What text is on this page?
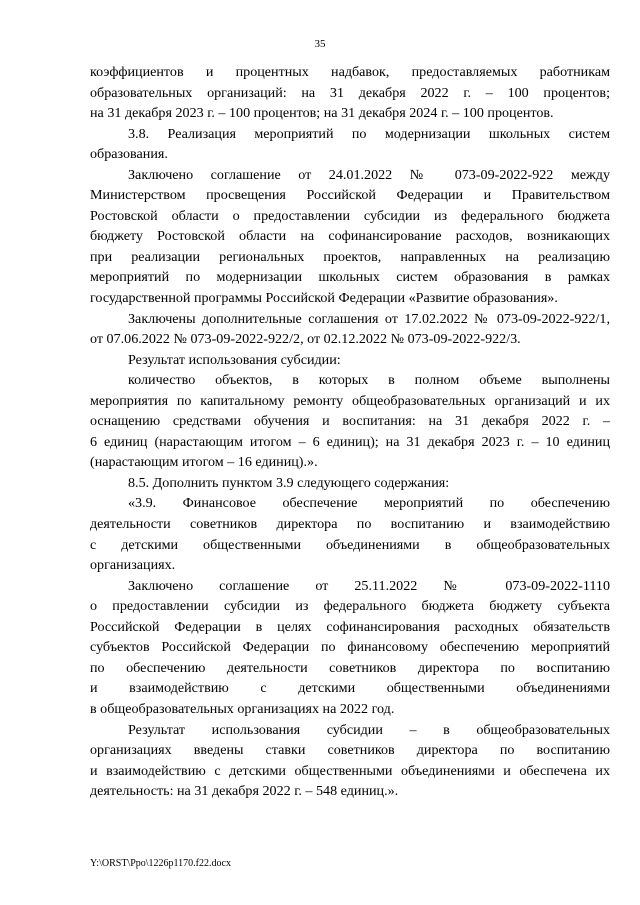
35
коэффициентов и процентных надбавок, предоставляемых работникам
образовательных организаций: на 31 декабря 2022 г. – 100 процентов;
на 31 декабря 2023 г. – 100 процентов; на 31 декабря 2024 г. – 100 процентов.
3.8. Реализация мероприятий по модернизации школьных систем
образования.
Заключено соглашение от 24.01.2022 № 073-09-2022-922 между
Министерством просвещения Российской Федерации и Правительством
Ростовской области о предоставлении субсидии из федерального бюджета
бюджету Ростовской области на софинансирование расходов, возникающих
при реализации региональных проектов, направленных на реализацию
мероприятий по модернизации школьных систем образования в рамках
государственной программы Российской Федерации «Развитие образования».
Заключены дополнительные соглашения от 17.02.2022 № 073-09-2022-922/1,
от 07.06.2022 № 073-09-2022-922/2, от 02.12.2022 № 073-09-2022-922/3.
Результат использования субсидии:
количество объектов, в которых в полном объеме выполнены
мероприятия по капитальному ремонту общеобразовательных организаций и их
оснащению средствами обучения и воспитания: на 31 декабря 2022 г. –
6 единиц (нарастающим итогом – 6 единиц); на 31 декабря 2023 г. – 10 единиц
(нарастающим итогом – 16 единиц).».
8.5. Дополнить пунктом 3.9 следующего содержания:
«3.9. Финансовое обеспечение мероприятий по обеспечению
деятельности советников директора по воспитанию и взаимодействию
с детскими общественными объединениями в общеобразовательных
организациях.
Заключено соглашение от 25.11.2022 № 073-09-2022-1110
о предоставлении субсидии из федерального бюджета бюджету субъекта
Российской Федерации в целях софинансирования расходных обязательств
субъектов Российской Федерации по финансовому обеспечению мероприятий
по обеспечению деятельности советников директора по воспитанию
и взаимодействию с детскими общественными объединениями
в общеобразовательных организациях на 2022 год.
Результат использования субсидии – в общеобразовательных
организациях введены ставки советников директора по воспитанию
и взаимодействию с детскими общественными объединениями и обеспечена их
деятельность: на 31 декабря 2022 г. – 548 единиц.».
Y:\ORST\Ppo\1226p1170.f22.docx
